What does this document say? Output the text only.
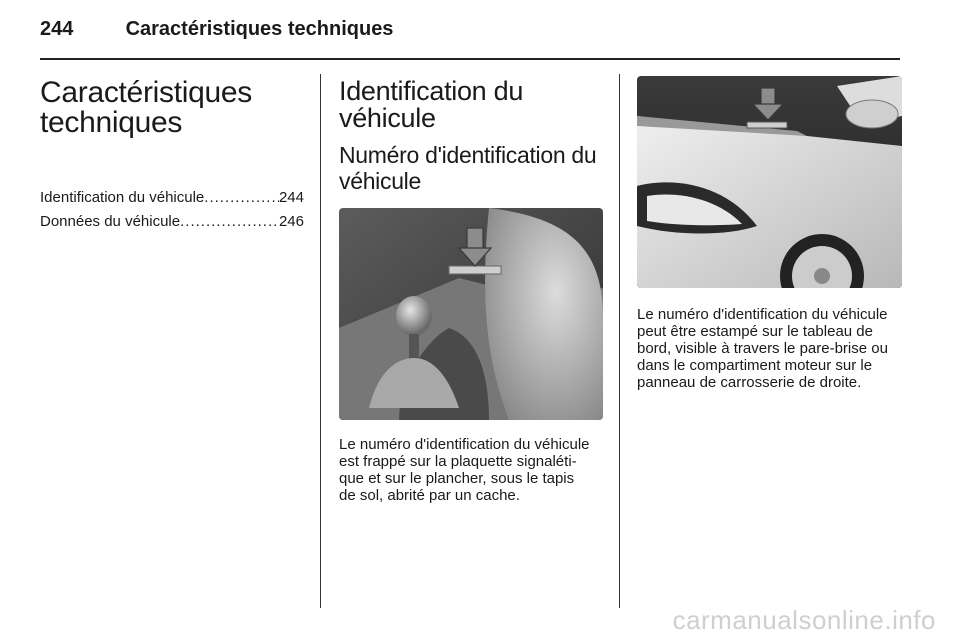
244	Caractéristiques techniques
Caractéristiques
techniques
Identification du véhicule .....	244
Données du véhicule .....	246
Identification du
véhicule
Numéro d'identification du
véhicule

Le numéro d'identification du véhicule
est frappé sur la plaquette signaléti-
que et sur le plancher, sous le tapis
de sol, abrité par un cache.

Le numéro d'identification du véhicule
peut être estampé sur le tableau de
bord, visible à travers le pare-brise ou
dans le compartiment moteur sur le
panneau de carrosserie de droite.

carmanualsonline.info
